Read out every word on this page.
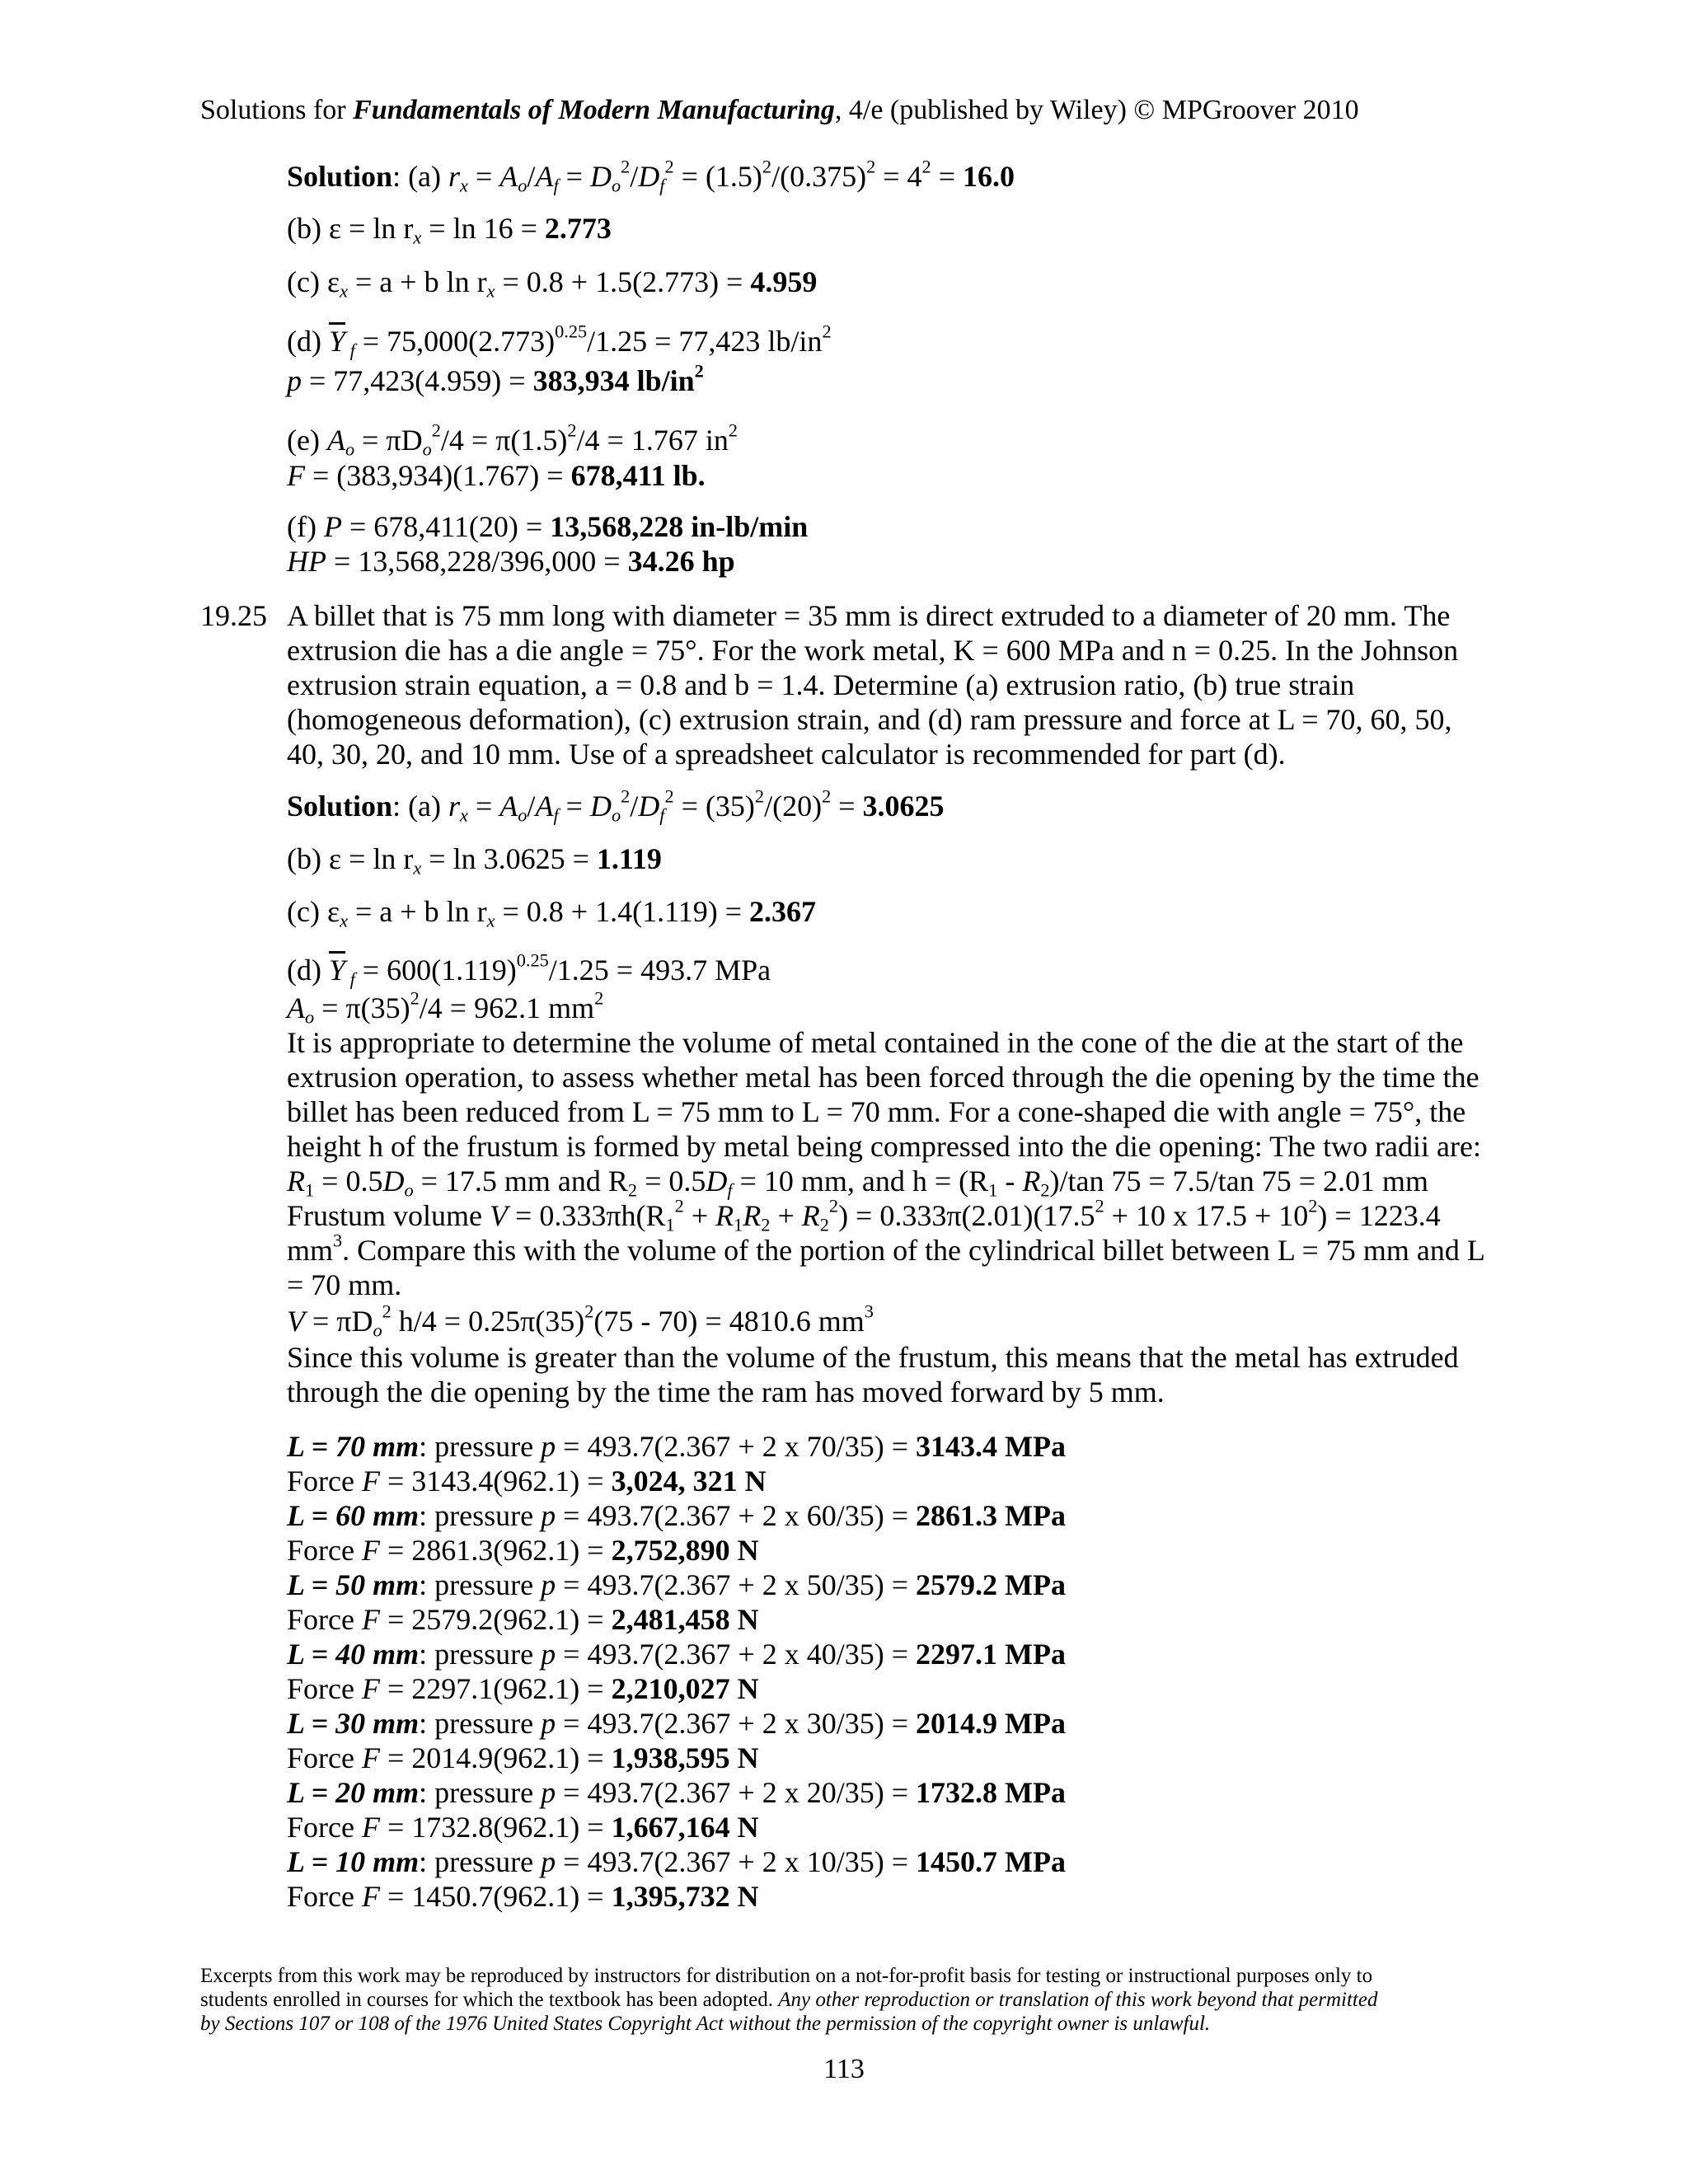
Solutions for Fundamentals of Modern Manufacturing, 4/e (published by Wiley) © MPGroover 2010
Solution: (a) $r_x = A_o/A_f = D_o^2/D_f^2 = (1.5)^2/(0.375)^2 = 4^2 = 16.0$
(b) $\varepsilon = \ln r_x = \ln 16 = 2.773$
(c) $\varepsilon_x = a + b$ $\ln r_x = 0.8 + 1.5(2.773) = 4.959$
(d) $\overline{Y}$ $_f = 75,000(2.773)^{0.25}/1.25 = 77,423$ $lb/in^2$
p = 77,423(4.959) = 383,934 $lb/in^2$
(e) $A_o = \pi D_o^2/4 = \pi(1.5)^2/4 = 1.767$ $in^2$
F = (383,934)(1.767) = 678,411 lb.
(f) P = 678,411(20) = 13,568,228 in-lb/min
HP = 13,568,228/396,000 = 34.26 hp
19.25 A billet that is 75 mm long with diameter = 35 mm is direct extruded to a diameter of 20 mm. The
extrusion die has a die angle = 75°. For the work metal, K = 600 MPa and n = 0.25. In the Johnson
extrusion strain equation, a = 0.8 and b = 1.4. Determine (a) extrusion ratio, (b) true strain
(homogeneous deformation), (c) extrusion strain, and (d) ram pressure and force at L = 70, 60, 50,
40, 30, 20, and 10 mm. Use of a spreadsheet calculator is recommended for part (d).
Solution: (a) $r_x = A_o/A_f = D_o^2/D_f^2 = (35)^2/(20)^2 = 3.0625$
(b) $\varepsilon = \ln r_x = \ln 3.0625 = 1.119$
(c) $\varepsilon_x = a + b$ $\ln r_x = 0.8 + 1.4(1.119) = 2.367$
(d) $\overline{Y}$ $_f = 600(1.119)^{0.25}/1.25 = 493.7$ MPa
$A_o = \pi(35)^2/4 = 962.1$ $mm^2$
It is appropriate to determine the volume of metal contained in the cone of the die at the start of the
extrusion operation, to assess whether metal has been forced through the die opening by the time the
billet has been reduced from L = 75 mm to L = 70 mm. For a cone-shaped die with angle = 75°, the
height h of the frustum is formed by metal being compressed into the die opening: The two radii are:
$R_1 = 0.5D_o = 17.5$ mm and $R_2 = 0.5D_f = 10$ mm, and $h = (R_1 - R_2)/\tan$ 75 = 7.5/tan 75 = 2.01 mm
Frustum volume $V = 0.333\pi h(R_1^2 + R_1R_2 + R_2^2) = 0.333\pi(2.01)(17.5^2 + 10$ x $17.5 + 10^2) = 1223.4$
$mm^3$. Compare this with the volume of the portion of the cylindrical billet between L = 75 mm and L
= 70 mm.
$V = \pi D_o^2$ $h/4 = 0.25\pi(35)^2(75 - 70) = 4810.6$ $mm^3$
Since this volume is greater than the volume of the frustum, this means that the metal has extruded
through the die opening by the time the ram has moved forward by 5 mm.
L = 70 mm: pressure p = 493.7(2.367 + 2 x 70/35) = 3143.4 MPa
Force F = 3143.4(962.1) = 3,024, 321 N
L = 60 mm: pressure p = 493.7(2.367 + 2 x 60/35) = 2861.3 MPa
Force F = 2861.3(962.1) = 2,752,890 N
L = 50 mm: pressure p = 493.7(2.367 + 2 x 50/35) = 2579.2 MPa
Force F = 2579.2(962.1) = 2,481,458 N
L = 40 mm: pressure p = 493.7(2.367 + 2 x 40/35) = 2297.1 MPa
Force F = 2297.1(962.1) = 2,210,027 N
L = 30 mm: pressure p = 493.7(2.367 + 2 x 30/35) = 2014.9 MPa
Force F = 2014.9(962.1) = 1,938,595 N
L = 20 mm: pressure p = 493.7(2.367 + 2 x 20/35) = 1732.8 MPa
Force F = 1732.8(962.1) = 1,667,164 N
L = 10 mm: pressure p = 493.7(2.367 + 2 x 10/35) = 1450.7 MPa
Force F = 1450.7(962.1) = 1,395,732 N
Excerpts from this work may be reproduced by instructors for distribution on a not-for-profit basis for testing or instructional purposes only to
students enrolled in courses for which the textbook has been adopted. Any other reproduction or translation of this work beyond that permitted
by Sections 107 or 108 of the 1976 United States Copyright Act without the permission of the copyright owner is unlawful.
113
